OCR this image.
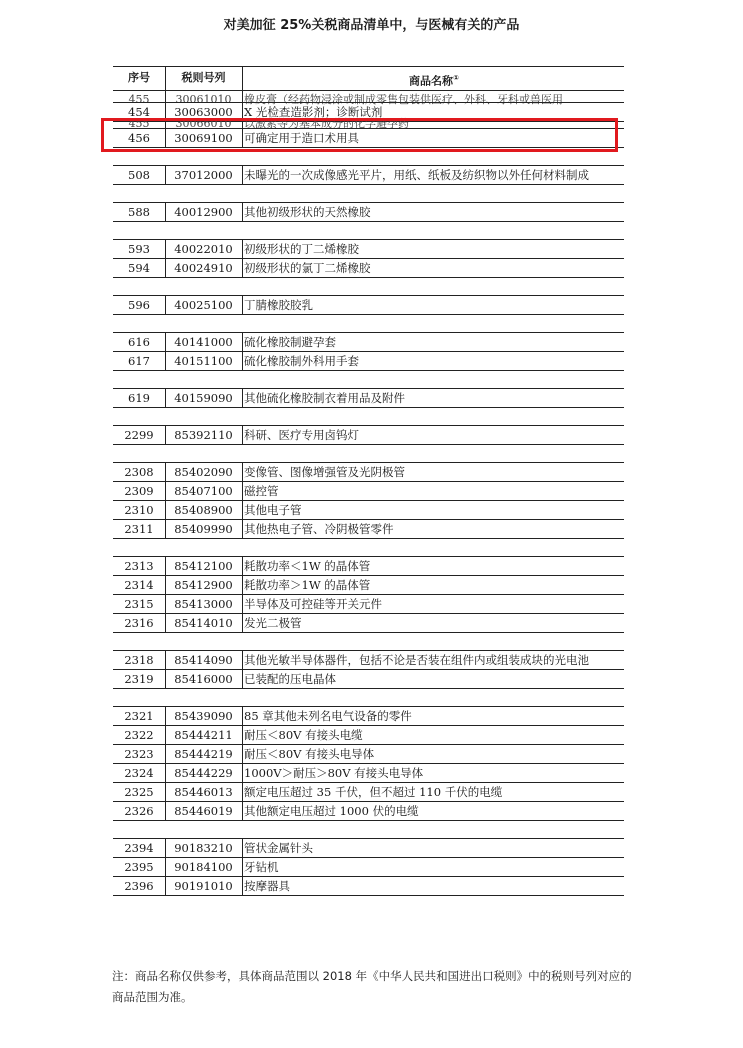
对美加征 25%关税商品清单中，与医械有关的产品
序号	税则号列	商品名称①
455	30061010	橡皮膏（经药物浸涂或制成零售包装供医疗、外科、牙科或兽医用
454	30063000 X 光检查造影剂；诊断试剂
455	30066010	以激素等为基本成分的化学避孕药
456	30069100 可确定用于造口术用具
508	37012000 未曝光的一次成像感光平片，用纸、纸板及纺织物以外任何材料制成
588	40012900 其他初级形状的天然橡胶
593	40022010 初级形状的丁二烯橡胶
594	40024910 初级形状的氯丁二烯橡胶
596	40025100 丁腈橡胶胶乳
616	40141000 硫化橡胶制避孕套
617	40151100 硫化橡胶制外科用手套
619	40159090 其他硫化橡胶制衣着用品及附件
2299	85392110 科研、医疗专用卤钨灯
2308	85402090 变像管、图像增强管及光阴极管
2309	85407100 磁控管
2310	85408900 其他电子管
2311	85409990 其他热电子管、冷阴极管零件
2313	85412100 耗散功率＜1W 的晶体管
2314	85412900 耗散功率＞1W 的晶体管
2315	85413000 半导体及可控硅等开关元件
2316	85414010 发光二极管
2318	85414090 其他光敏半导体器件，包括不论是否装在组件内或组装成块的光电池
2319	85416000 已装配的压电晶体
2321	85439090 85 章其他未列名电气设备的零件
2322	85444211 耐压＜80V 有接头电缆
2323	85444219 耐压＜80V 有接头电导体
2324	85444229 1000V＞耐压＞80V 有接头电导体
2325	85446013 额定电压超过 35 千伏，但不超过 110 千伏的电缆
2326	85446019 其他额定电压超过 1000 伏的电缆
2394	90183210 管状金属针头
2395	90184100 牙钻机
2396	90191010 按摩器具
注：商品名称仅供参考，具体商品范围以 2018 年《中华人民共和国进出口税则》中的税则号列对应的商品范围为准。
